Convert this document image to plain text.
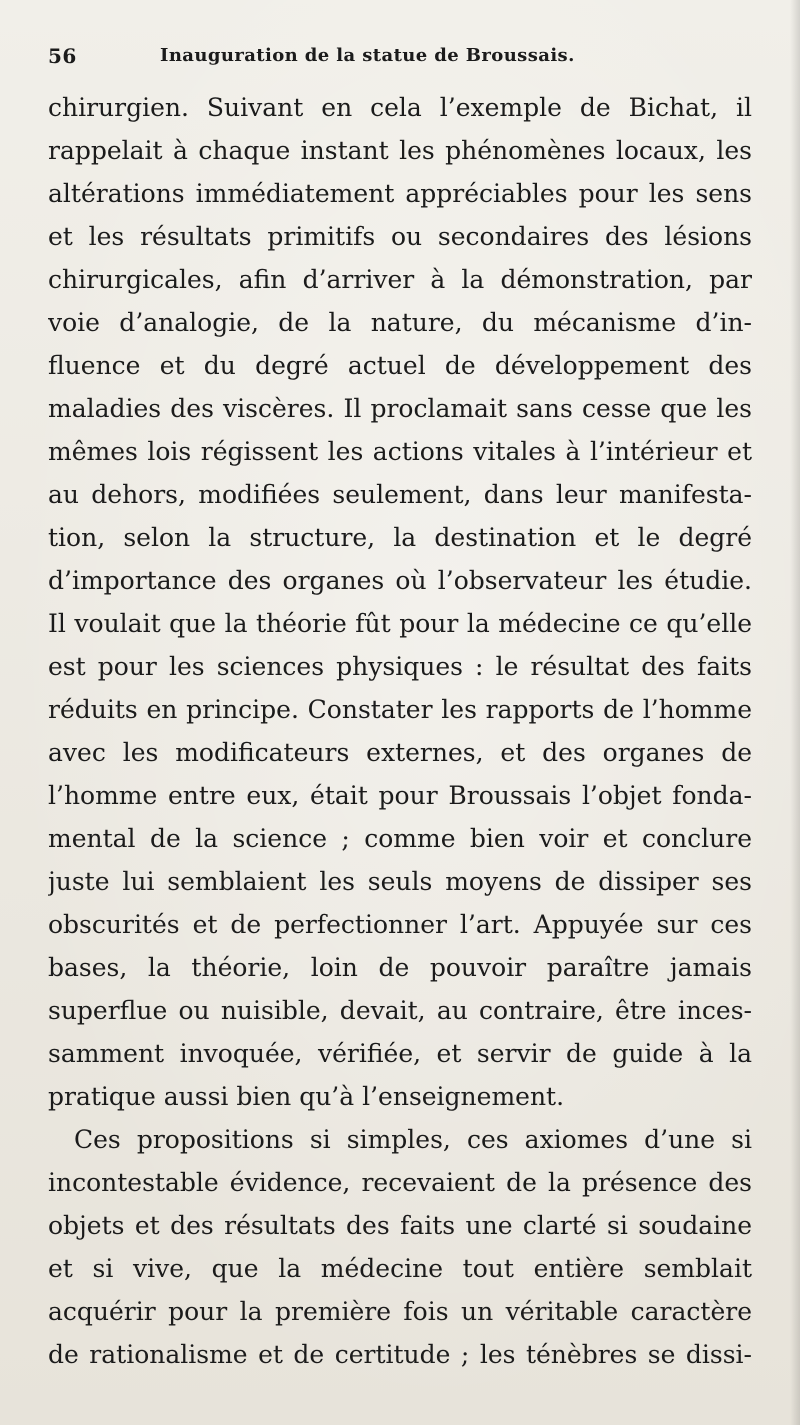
56	Inauguration de la statue de Broussais.
chirurgien. Suivant en cela l’exemple de Bichat, il
rappelait à chaque instant les phénomènes locaux, les
altérations immédiatement appréciables pour les sens
et les résultats primitifs ou secondaires des lésions
chirurgicales, afin d’arriver à la démonstration, par
voie d’analogie, de la nature, du mécanisme d’in-
fluence et du degré actuel de développement des
maladies des viscères. Il proclamait sans cesse que les
mêmes lois régissent les actions vitales à l’intérieur et
au dehors, modifiées seulement, dans leur manifesta-
tion, selon la structure, la destination et le degré
d’importance des organes où l’observateur les étudie.
Il voulait que la théorie fût pour la médecine ce qu’elle
est pour les sciences physiques : le résultat des faits
réduits en principe. Constater les rapports de l’homme
avec les modificateurs externes, et des organes de
l’homme entre eux, était pour Broussais l’objet fonda-
mental de la science ; comme bien voir et conclure
juste lui semblaient les seuls moyens de dissiper ses
obscurités et de perfectionner l’art. Appuyée sur ces
bases, la théorie, loin de pouvoir paraître jamais
superflue ou nuisible, devait, au contraire, être inces-
samment invoquée, vérifiée, et servir de guide à la
pratique aussi bien qu’à l’enseignement.
Ces propositions si simples, ces axiomes d’une si
incontestable évidence, recevaient de la présence des
objets et des résultats des faits une clarté si soudaine
et si vive, que la médecine tout entière semblait
acquérir pour la première fois un véritable caractère
de rationalisme et de certitude ; les ténèbres se dissi-
